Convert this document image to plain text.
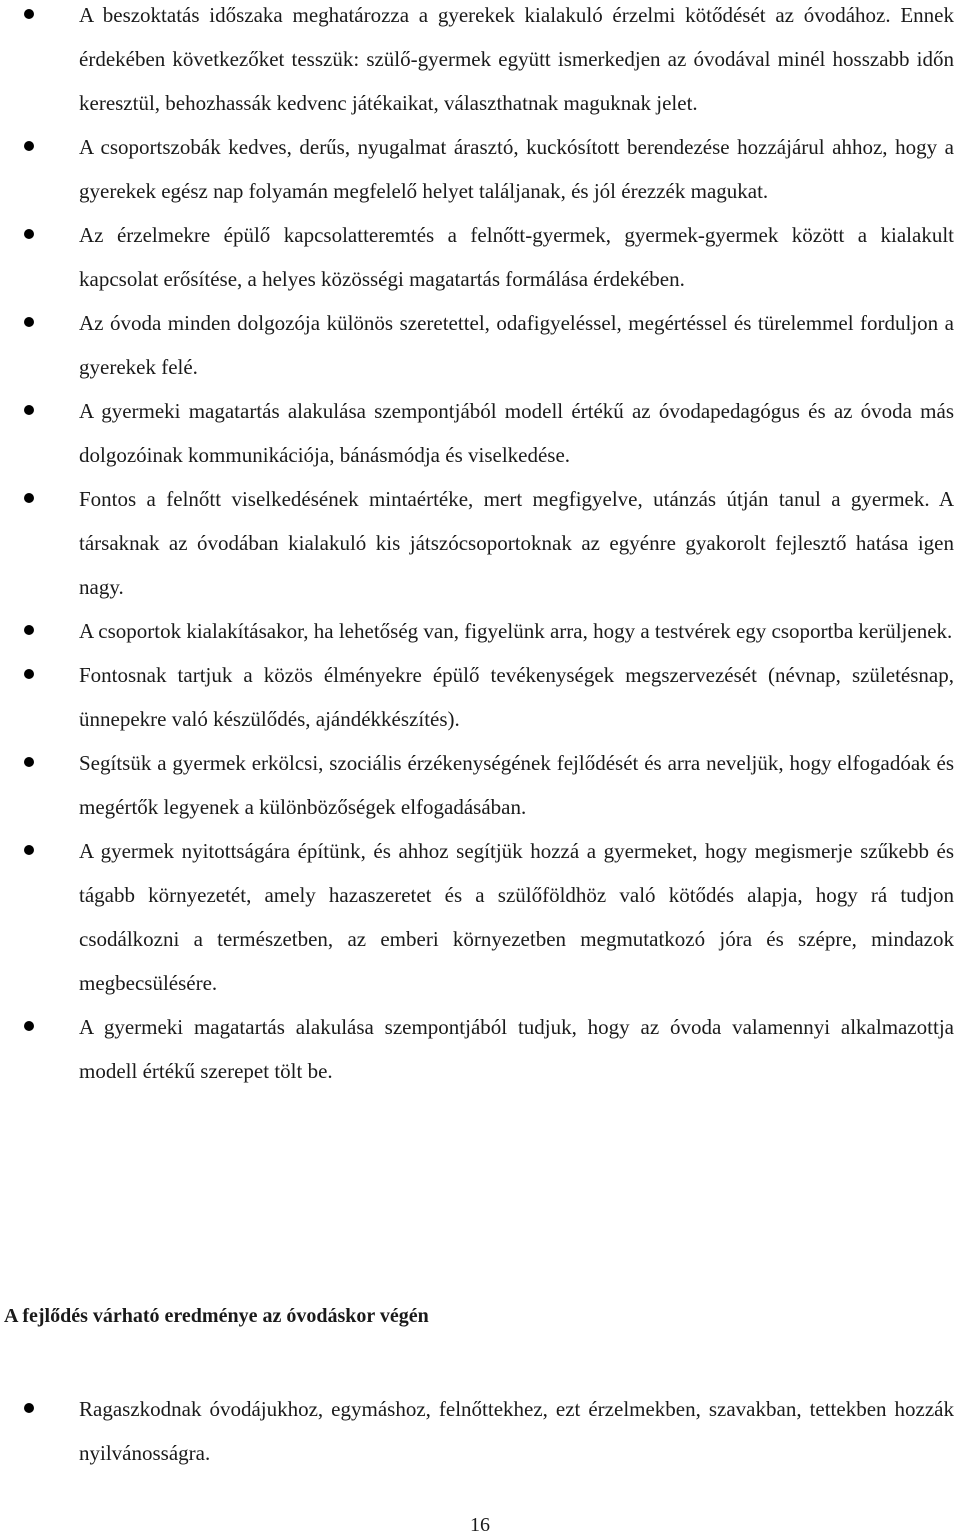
A beszoktatás időszaka meghatározza a gyerekek kialakuló érzelmi kötődését az óvodához. Ennek érdekében következőket tesszük: szülő-gyermek együtt ismerkedjen az óvodával minél hosszabb időn keresztül, behozhassák kedvenc játékaikat, választhatnak maguknak jelet.
A csoportszobák kedves, derűs, nyugalmat árasztó, kuckósított berendezése hozzájárul ahhoz, hogy a gyerekek egész nap folyamán megfelelő helyet találjanak, és jól érezzék magukat.
Az érzelmekre épülő kapcsolatteremtés a felnőtt-gyermek, gyermek-gyermek között a kialakult kapcsolat erősítése, a helyes közösségi magatartás formálása érdekében.
Az óvoda minden dolgozója különös szeretettel, odafigyeléssel, megértéssel és türelemmel forduljon a gyerekek felé.
A gyermeki magatartás alakulása szempontjából modell értékű az óvodapedagógus és az óvoda más dolgozóinak kommunikációja, bánásmódja és viselkedése.
Fontos a felnőtt viselkedésének mintaértéke, mert megfigyelve, utánzás útján tanul a gyermek. A társaknak az óvodában kialakuló kis játszócsoportoknak az egyénre gyakorolt fejlesztő hatása igen nagy.
A csoportok kialakításakor, ha lehetőség van, figyelünk arra, hogy a testvérek egy csoportba kerüljenek.
Fontosnak tartjuk a közös élményekre épülő tevékenységek megszervezését (névnap, születésnap, ünnepekre való készülődés, ajándékkészítés).
Segítsük a gyermek erkölcsi, szociális érzékenységének fejlődését és arra neveljük, hogy elfogadóak és megértők legyenek a különbözőségek elfogadásában.
A gyermek nyitottságára építünk, és ahhoz segítjük hozzá a gyermeket, hogy megismerje szűkebb és tágabb környezetét, amely hazaszeretet és a szülőföldhöz való kötődés alapja, hogy rá tudjon csodálkozni a természetben, az emberi környezetben megmutatkozó jóra és szépre, mindazok megbecsülésére.
A gyermeki magatartás alakulása szempontjából tudjuk, hogy az óvoda valamennyi alkalmazottja modell értékű szerepet tölt be.
A fejlődés várható eredménye az óvodáskor végén
Ragaszkodnak óvodájukhoz, egymáshoz, felnőttekhez, ezt érzelmekben, szavakban, tettekben hozzák nyilvánosságra.
16
